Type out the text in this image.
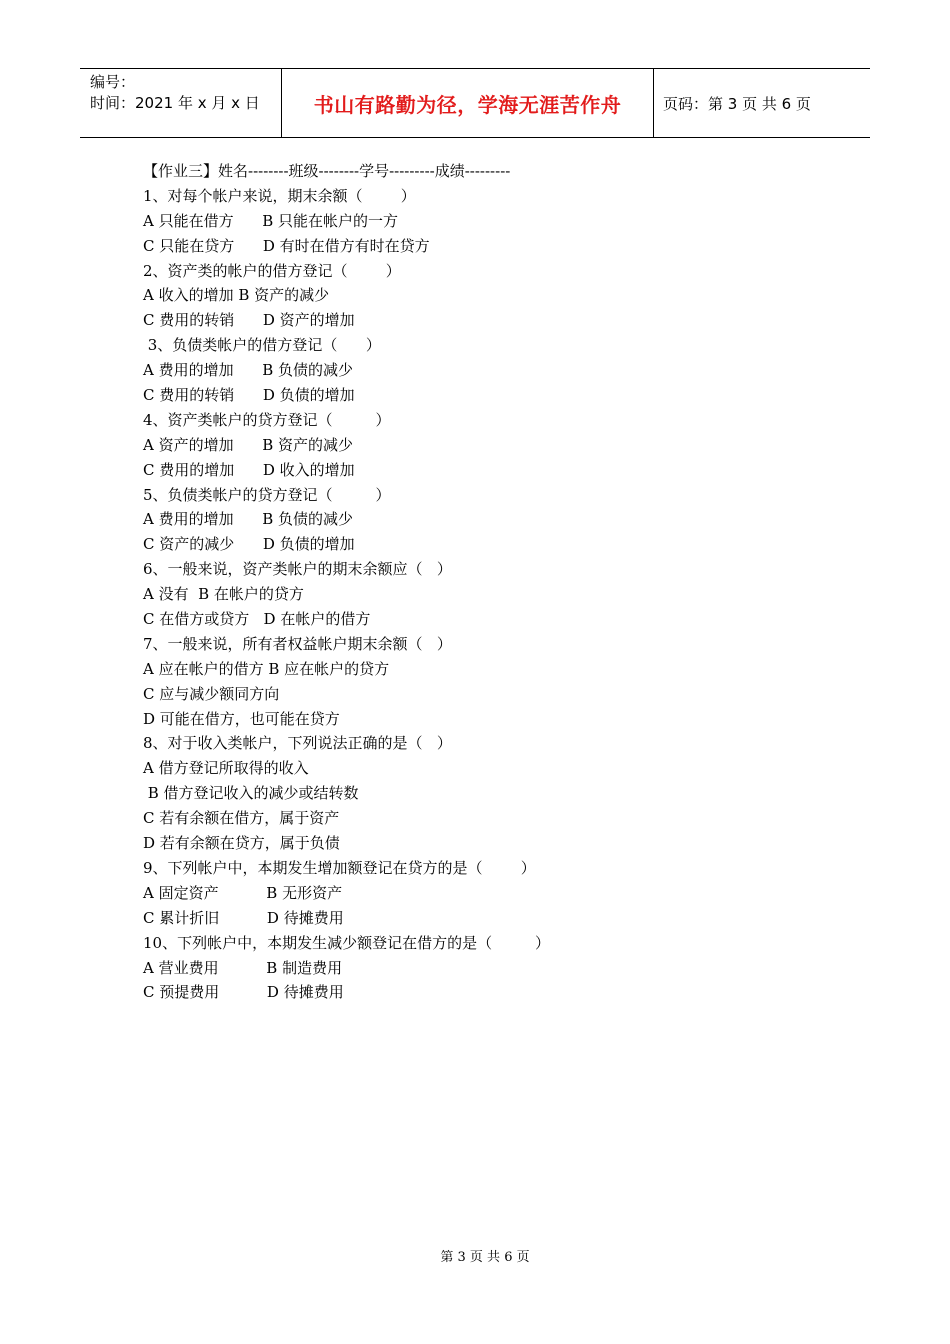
编号：
时间：2021 年 x 月 x 日	书山有路勤为径，学海无涯苦作舟	页码：第 3 页 共 6 页
【作业三】姓名--------班级--------学号---------成绩---------
1、对每个帐户来说，期末余额（        ）
A 只能在借方      B 只能在帐户的一方
C 只能在贷方      D 有时在借方有时在贷方
2、资产类的帐户的借方登记（        ）
A 收入的增加 B 资产的减少
C 费用的转销      D 资产的增加
3、负债类帐户的借方登记（      ）
A 费用的增加      B 负债的减少
C 费用的转销      D 负债的增加
4、资产类帐户的贷方登记（         ）
A 资产的增加      B 资产的减少
C 费用的增加      D 收入的增加
5、负债类帐户的贷方登记（         ）
A 费用的增加      B 负债的减少
C 资产的减少      D 负债的增加
6、一般来说，资产类帐户的期末余额应（   ）
A 没有  B 在帐户的贷方
C 在借方或贷方   D 在帐户的借方
7、一般来说，所有者权益帐户期末余额（   ）
A 应在帐户的借方 B 应在帐户的贷方
C 应与减少额同方向
D 可能在借方，也可能在贷方
8、对于收入类帐户，下列说法正确的是（   ）
A 借方登记所取得的收入
B 借方登记收入的减少或结转数
C 若有余额在借方，属于资产
D 若有余额在贷方，属于负债
9、下列帐户中，本期发生增加额登记在贷方的是（        ）
A 固定资产          B 无形资产
C 累计折旧          D 待摊费用
10、下列帐户中，本期发生减少额登记在借方的是（         ）
A 营业费用          B 制造费用
C 预提费用          D 待摊费用
第 3 页 共 6 页
